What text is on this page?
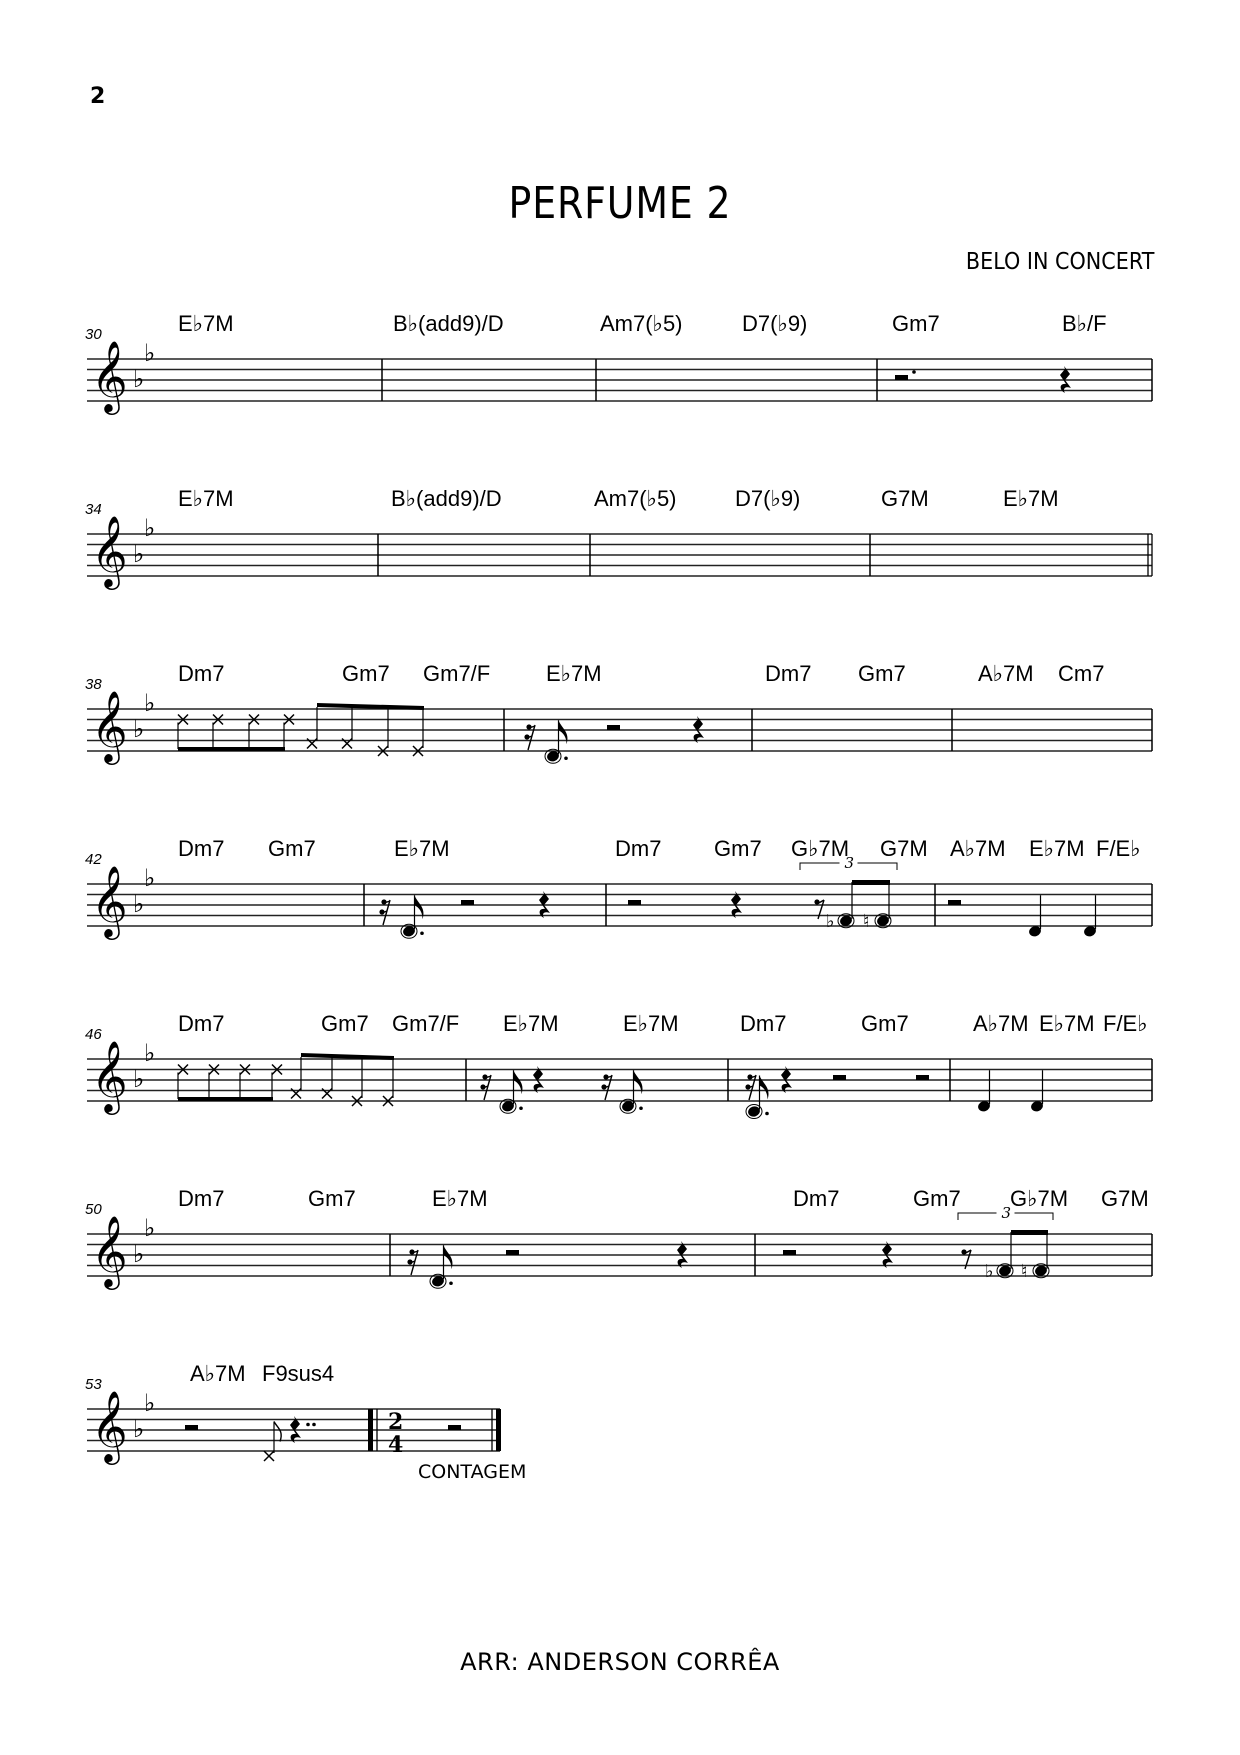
2
PERFUME 2
BELO IN CONCERT
ARR: ANDERSON CORRÊA
30
𝄞 ♭
♭
E♭7M	B♭(add9)/D	Am7(♭5)	D7(♭9)	Gm7	B♭/F
34
𝄞 ♭
♭
E♭7M	B♭(add9)/D	Am7(♭5)	D7(♭9)	G7M	E♭7M
38
𝄞 ♭
♭
Dm7	Gm7 Gm7/F	E♭7M	Dm7 Gm7	A♭7M Cm7
42
𝄞 ♭
♭
Dm7 Gm7	E♭7M	Dm7 Gm7 G♭7M G7M A♭7M E♭7M F/E♭
3
♭ ♮
46
𝄞 ♭
♭
Dm7	Gm7 Gm7/F E♭7M	E♭7M	Dm7	Gm7	A♭7M E♭7M F/E♭
50
𝄞 ♭
♭
Dm7	Gm7	E♭7M	Dm7	Gm7 G♭7M G7M
3
♭ ♮
53
𝄞 ♭
♭
A♭7M F9sus4
2
4
CONTAGEM
